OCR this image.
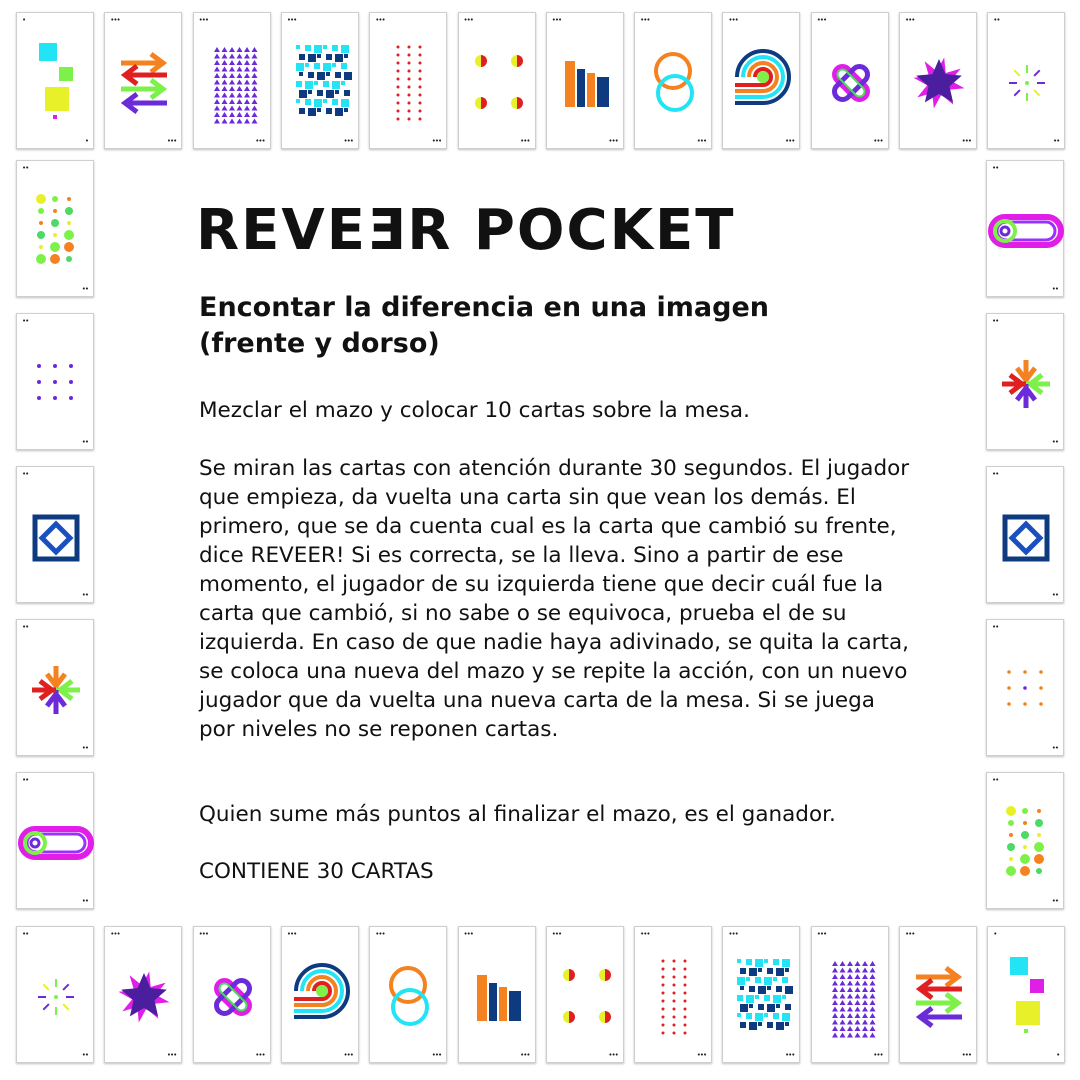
•
•
•••
•••
•••
•••
•••
•••
•••
•••
•••
•••
•••
•••
•••
•••
•••
•••
•••
•••
•••
•••
••
••
••
••
•••
•••
•••
•••
•••
•••
•••
•••
•••
•••
•••
•••
•••
•••
•••
•••
•••
•••
•••
•••
•
•
••
••
••
••
••
••
••
••
••
••
••
••
••
••
••
••
••
••
••
••
REVEƎR POCKET
Encontar la diferencia en una imagen (frente y dorso)

Mezclar el mazo y colocar 10 cartas sobre la mesa.

Se miran las cartas con atención durante 30 segundos. El jugador que empieza, da vuelta una carta sin que vean los demás. El primero, que se da cuenta cual es la carta que cambió su frente, dice REVEER! Si es correcta, se la lleva. Sino a partir de ese momento, el jugador de su izquierda tiene que decir cuál fue la carta que cambió, si no sabe o se equivoca, prueba el de su izquierda. En caso de que nadie haya adivinado, se quita la carta, se coloca una nueva del mazo y se repite la acción, con un nuevo jugador que da vuelta una nueva carta de la mesa. Si se juega por niveles no se reponen cartas.

Quien sume más puntos al finalizar el mazo, es el ganador.

CONTIENE 30 CARTAS
